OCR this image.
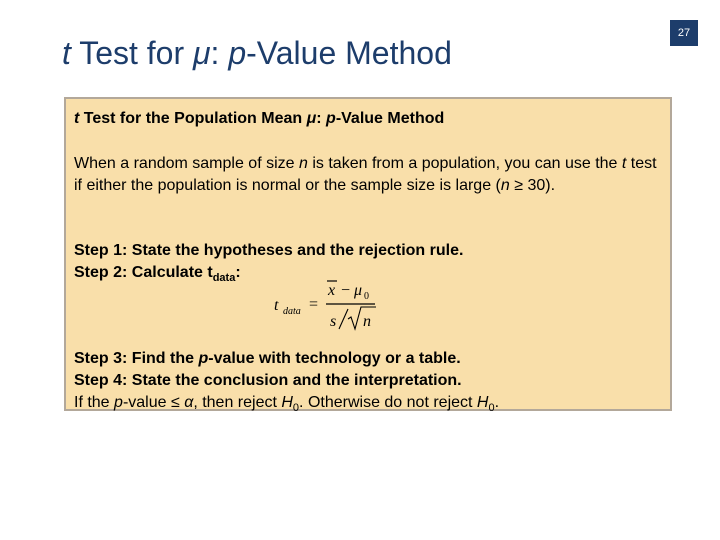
t Test for μ: p-Value Method
27
t Test for the Population Mean μ: p-Value Method
When a random sample of size n is taken from a population, you can use the t test if either the population is normal or the sample size is large (n ≥ 30).
Step 1: State the hypotheses and the rejection rule.
Step 2: Calculate $t_{data}$:
t data =
x − μ 0
s n
Step 3: Find the p-value with technology or a table.
Step 4: State the conclusion and the interpretation.
If the p-value ≤ α, then reject $H_0$. Otherwise do not reject $H_0$.
